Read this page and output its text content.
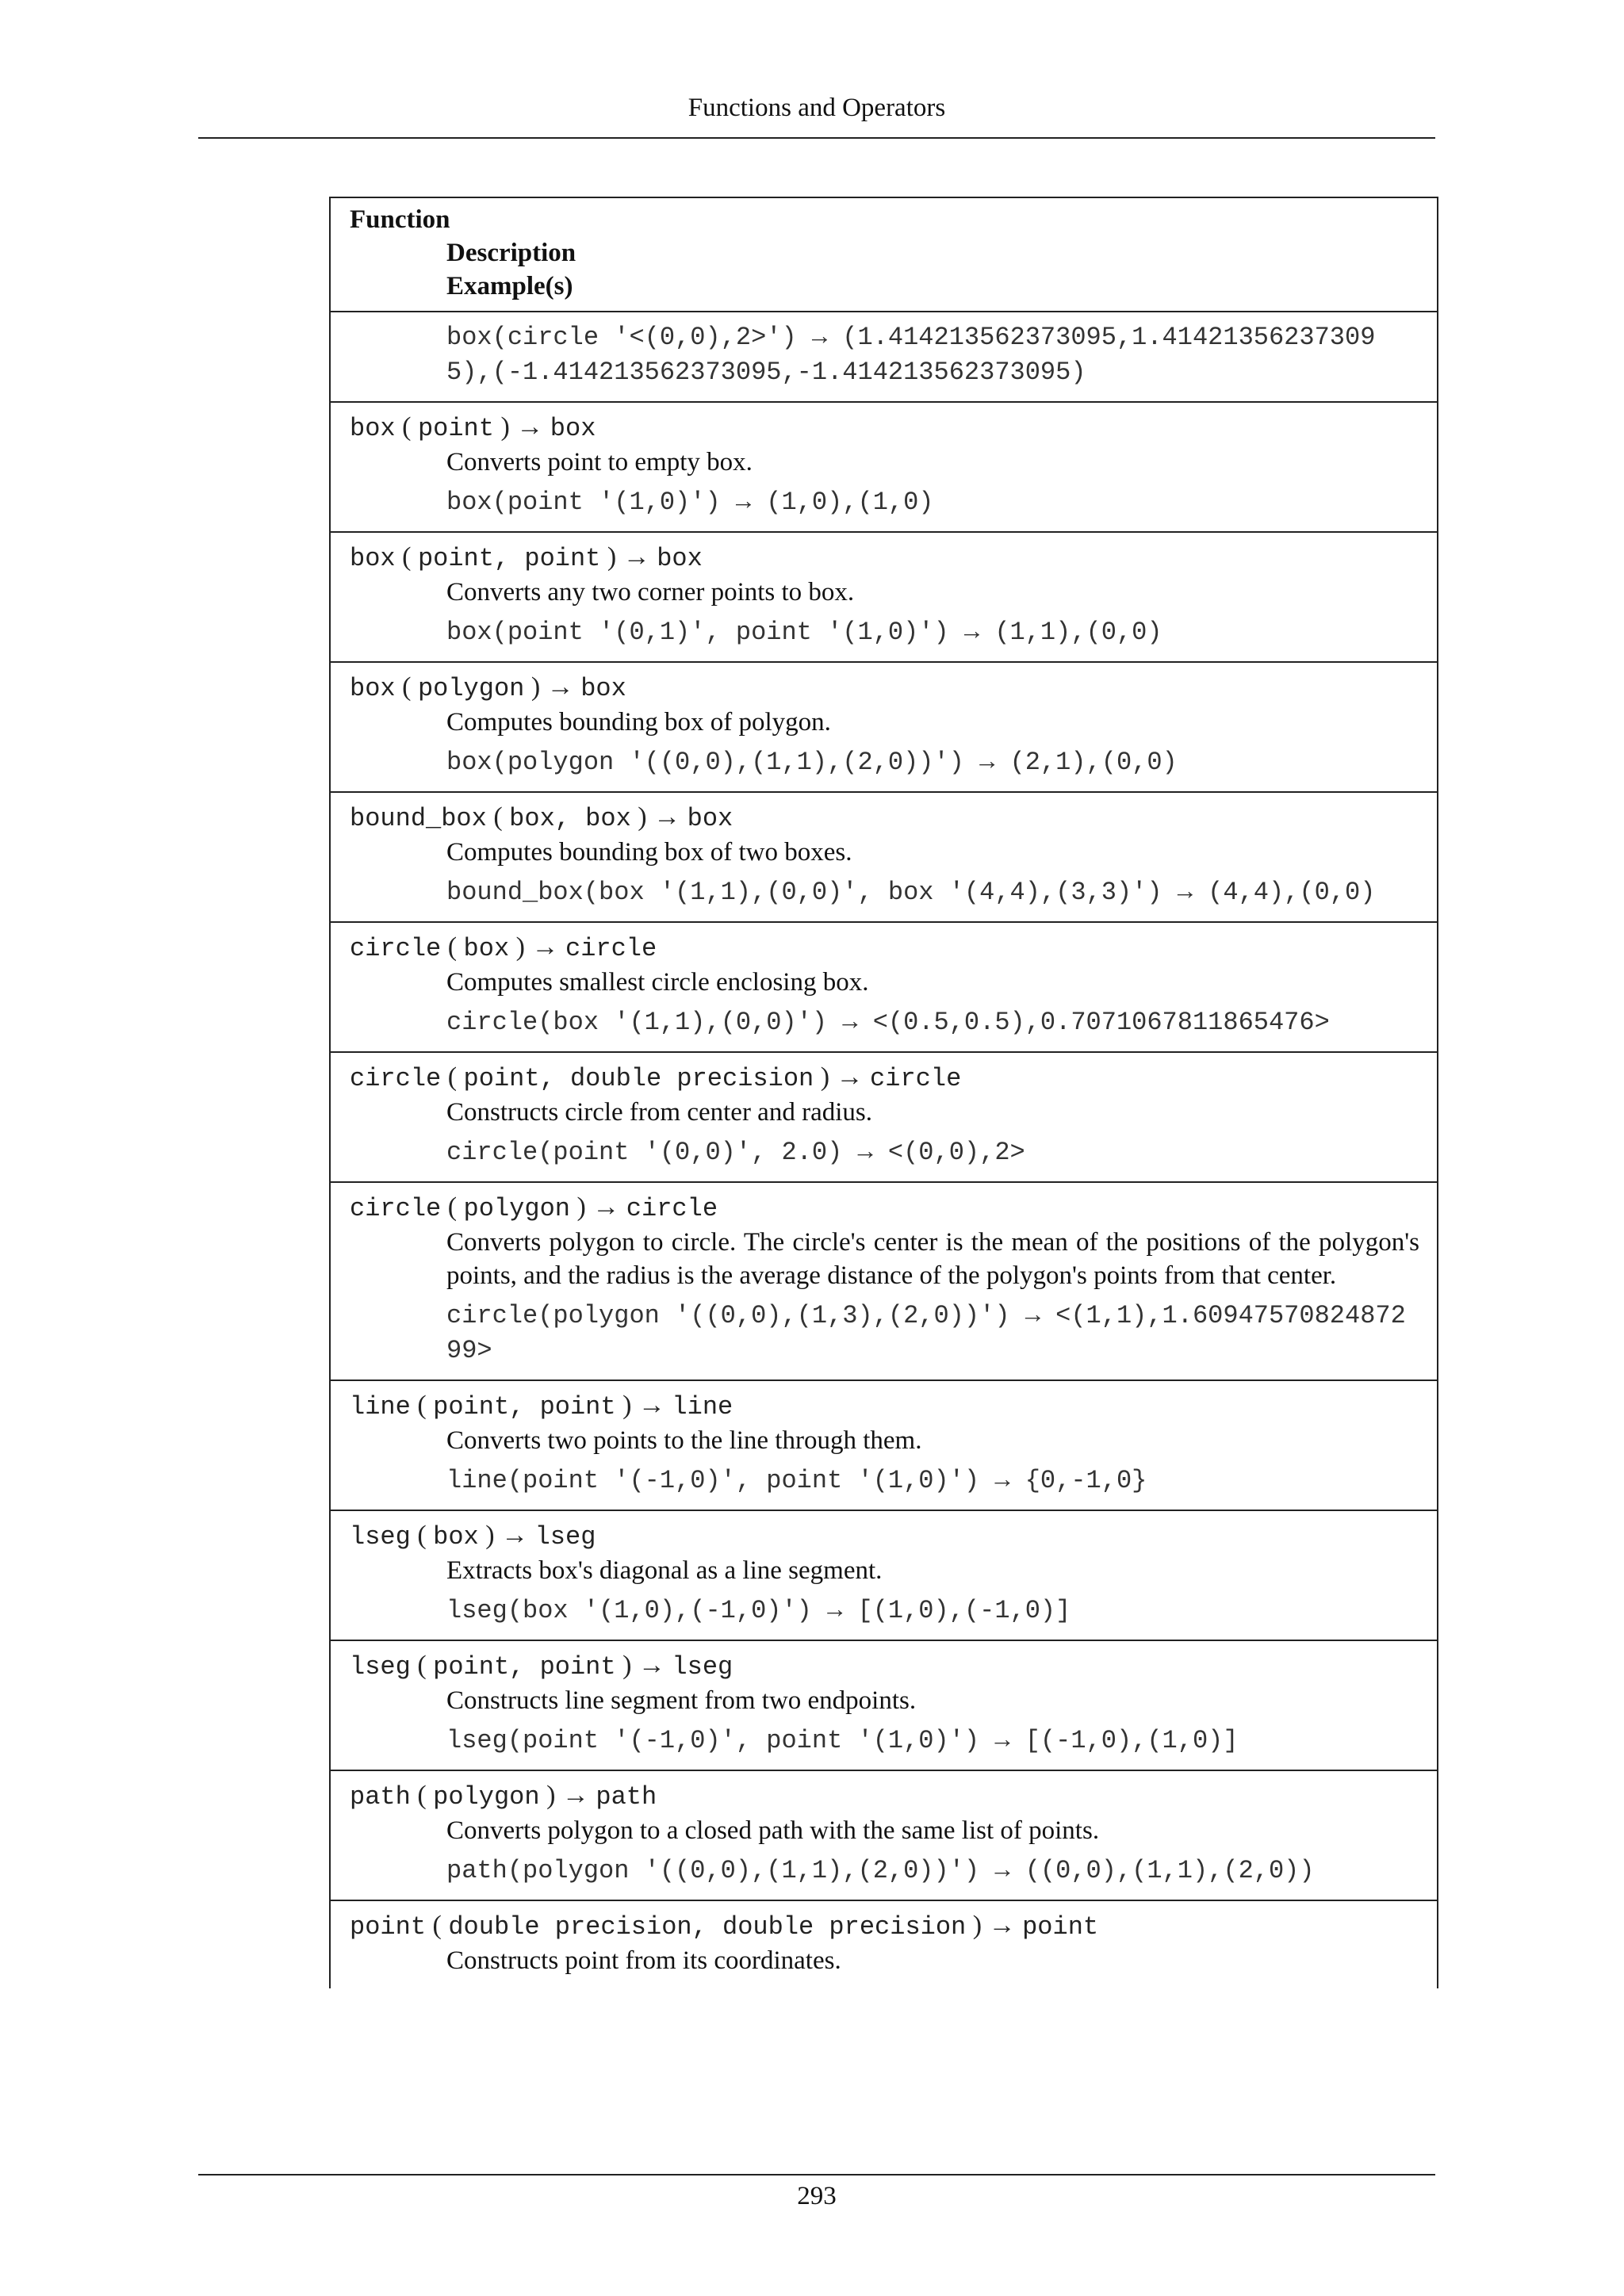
Functions and Operators
Function
Description
Example(s)
box(circle '<(0,0),2>') → (1.414213562373095,1.414213562373095),(-1.414213562373095,-1.414213562373095)
box ( point ) → box
Converts point to empty box.
box(point '(1,0)') → (1,0),(1,0)
box ( point, point ) → box
Converts any two corner points to box.
box(point '(0,1)', point '(1,0)') → (1,1),(0,0)
box ( polygon ) → box
Computes bounding box of polygon.
box(polygon '((0,0),(1,1),(2,0))') → (2,1),(0,0)
bound_box ( box, box ) → box
Computes bounding box of two boxes.
bound_box(box '(1,1),(0,0)', box '(4,4),(3,3)') → (4,4),(0,0)
circle ( box ) → circle
Computes smallest circle enclosing box.
circle(box '(1,1),(0,0)') → <(0.5,0.5),0.7071067811865476>
circle ( point, double precision ) → circle
Constructs circle from center and radius.
circle(point '(0,0)', 2.0) → <(0,0),2>
circle ( polygon ) → circle
Converts polygon to circle. The circle's center is the mean of the positions of the polygon's points, and the radius is the average distance of the polygon's points from that center.
circle(polygon '((0,0),(1,3),(2,0))') → <(1,1),1.6094757082487299>
line ( point, point ) → line
Converts two points to the line through them.
line(point '(-1,0)', point '(1,0)') → {0,-1,0}
lseg ( box ) → lseg
Extracts box's diagonal as a line segment.
lseg(box '(1,0),(-1,0)') → [(1,0),(-1,0)]
lseg ( point, point ) → lseg
Constructs line segment from two endpoints.
lseg(point '(-1,0)', point '(1,0)') → [(-1,0),(1,0)]
path ( polygon ) → path
Converts polygon to a closed path with the same list of points.
path(polygon '((0,0),(1,1),(2,0))') → ((0,0),(1,1),(2,0))
point ( double precision, double precision ) → point
Constructs point from its coordinates.
293
